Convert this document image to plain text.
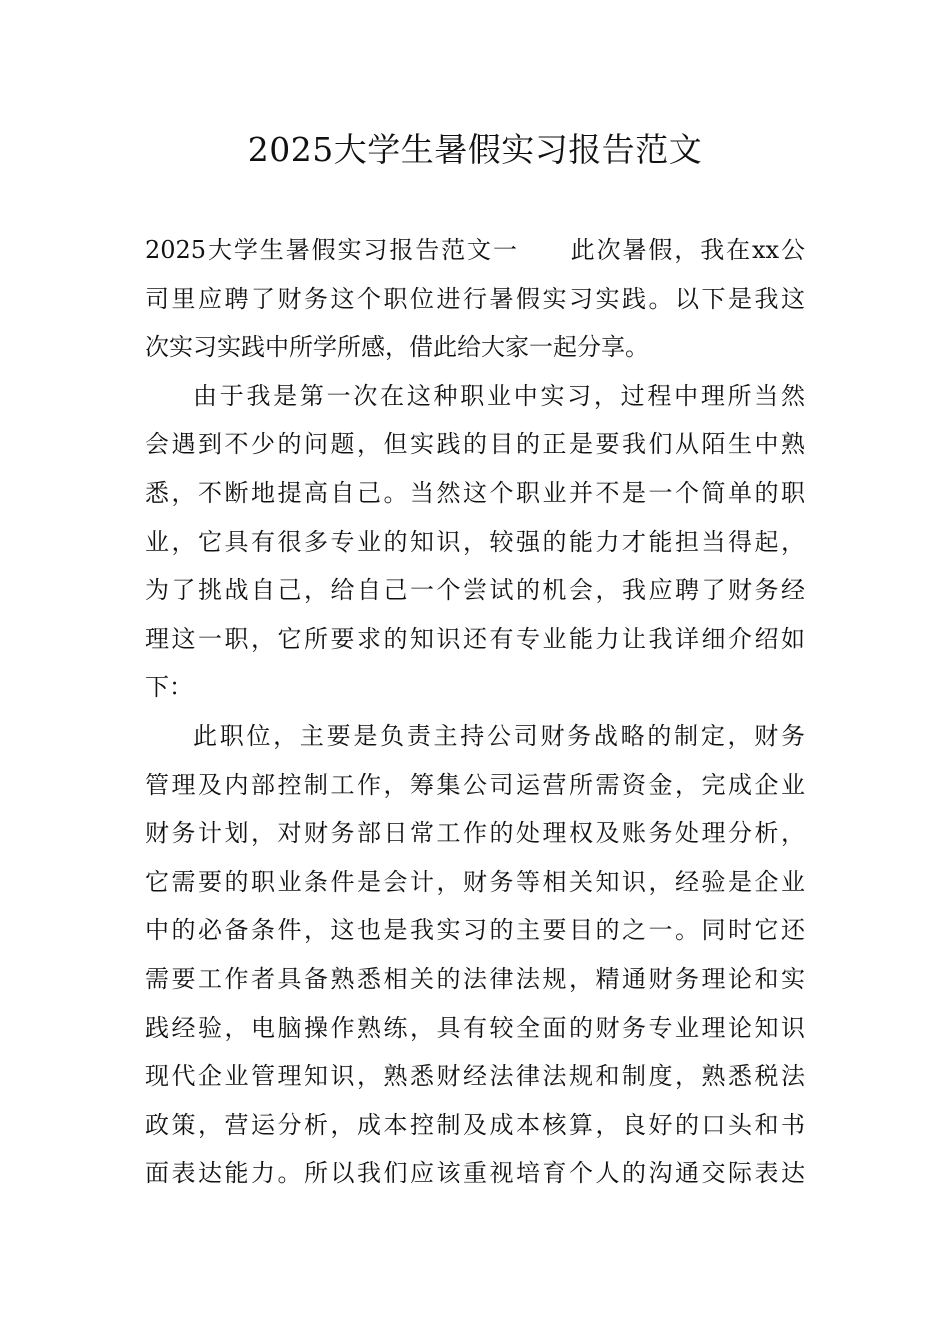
2025大学生暑假实习报告范文
2025大学生暑假实习报告范文一　　此次暑假，我在xx公
司里应聘了财务这个职位进行暑假实习实践。以下是我这
次实习实践中所学所感，借此给大家一起分享。
由于我是第一次在这种职业中实习，过程中理所当然
会遇到不少的问题，但实践的目的正是要我们从陌生中熟
悉，不断地提高自己。当然这个职业并不是一个简单的职
业，它具有很多专业的知识，较强的能力才能担当得起，
为了挑战自己，给自己一个尝试的机会，我应聘了财务经
理这一职，它所要求的知识还有专业能力让我详细介绍如
下：
此职位，主要是负责主持公司财务战略的制定，财务
管理及内部控制工作，筹集公司运营所需资金，完成企业
财务计划，对财务部日常工作的处理权及账务处理分析，
它需要的职业条件是会计，财务等相关知识，经验是企业
中的必备条件，这也是我实习的主要目的之一。同时它还
需要工作者具备熟悉相关的法律法规，精通财务理论和实
践经验，电脑操作熟练，具有较全面的财务专业理论知识
现代企业管理知识，熟悉财经法律法规和制度，熟悉税法
政策，营运分析，成本控制及成本核算，良好的口头和书
面表达能力。所以我们应该重视培育个人的沟通交际表达
